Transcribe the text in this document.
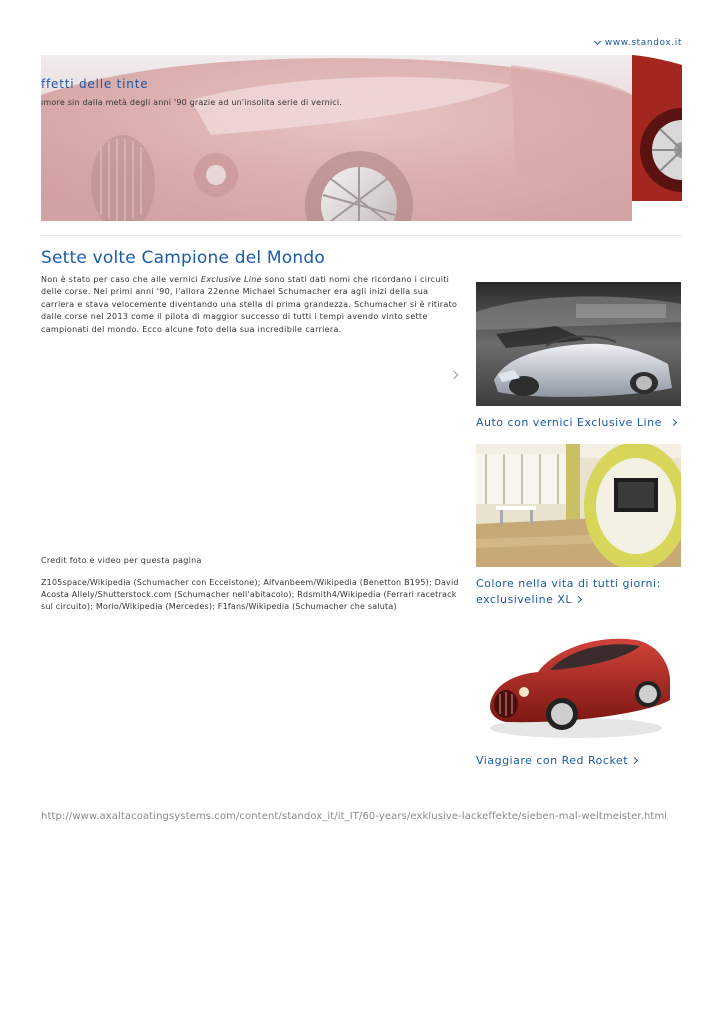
www.standox.it
ffetti delle tinte
ımore sin dalla metà degli anni '90 grazie ad un'insolita serie di vernici.
Sette volte Campione del Mondo

Non è stato per caso che alle vernici Exclusive Line sono stati dati nomi che ricordano i circuiti delle corse. Nei primi anni '90, l'allora 22enne Michael Schumacher era agli inizi della sua carriera e stava velocemente diventando una stella di prima grandezza. Schumacher si è ritirato dalle corse nel 2013 come il pilota di maggior successo di tutti i tempi avendo vinto sette campionati del mondo. Ecco alcune foto della sua incredibile carriera.

Credit foto e video per questa pagina

Z105space/Wikipedia (Schumacher con Eccelstone); Alfvanbeem/Wikipedia (Benetton B195); David Acosta Allely/Shutterstock.com (Schumacher nell'abitacolo); Rdsmith4/Wikipedia (Ferrari racetrack sul circuito); Morio/Wikipedia (Mercedes); F1fans/Wikipedia (Schumacher che saluta)

Auto con vernici Exclusive Line
Colore nella vita di tutti giorni: exclusiveline XL
Viaggiare con Red Rocket
http://www.axaltacoatingsystems.com/content/standox_it/it_IT/60-years/exklusive-lackeffekte/sieben-mal-weltmeister.html
